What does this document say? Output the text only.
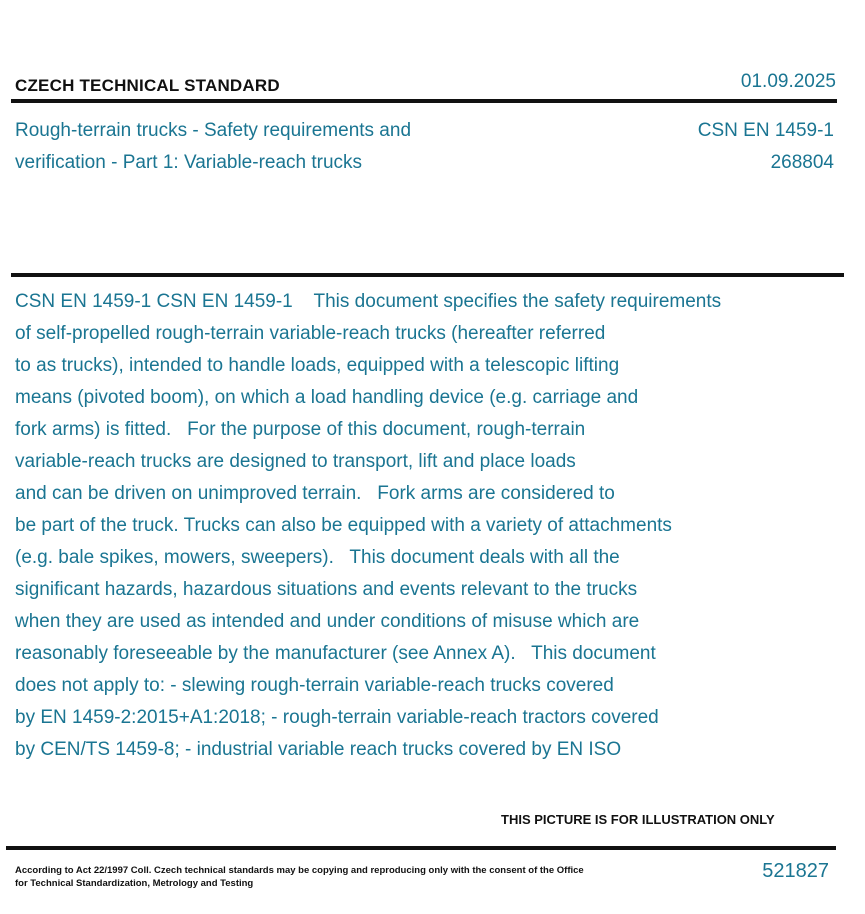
CZECH TECHNICAL STANDARD	01.09.2025
Rough-terrain trucks - Safety requirements and
verification - Part 1: Variable-reach trucks
CSN EN 1459-1
268804
CSN EN 1459-1 CSN EN 1459-1    This document specifies the safety requirements
of self-propelled rough-terrain variable-reach trucks (hereafter referred
to as trucks), intended to handle loads, equipped with a telescopic lifting
means (pivoted boom), on which a load handling device (e.g. carriage and
fork arms) is fitted.   For the purpose of this document, rough-terrain
variable-reach trucks are designed to transport, lift and place loads
and can be driven on unimproved terrain.   Fork arms are considered to
be part of the truck. Trucks can also be equipped with a variety of attachments
(e.g. bale spikes, mowers, sweepers).   This document deals with all the
significant hazards, hazardous situations and events relevant to the trucks
when they are used as intended and under conditions of misuse which are
reasonably foreseeable by the manufacturer (see Annex A).   This document
does not apply to: - slewing rough-terrain variable-reach trucks covered
by EN 1459-2:2015+A1:2018; - rough-terrain variable-reach tractors covered
by CEN/TS 1459-8; - industrial variable reach trucks covered by EN ISO
THIS PICTURE IS FOR ILLUSTRATION ONLY
According to Act 22/1997 Coll. Czech technical standards may be copying and reproducing only with the consent of the Office
for Technical Standardization, Metrology and Testing
521827
